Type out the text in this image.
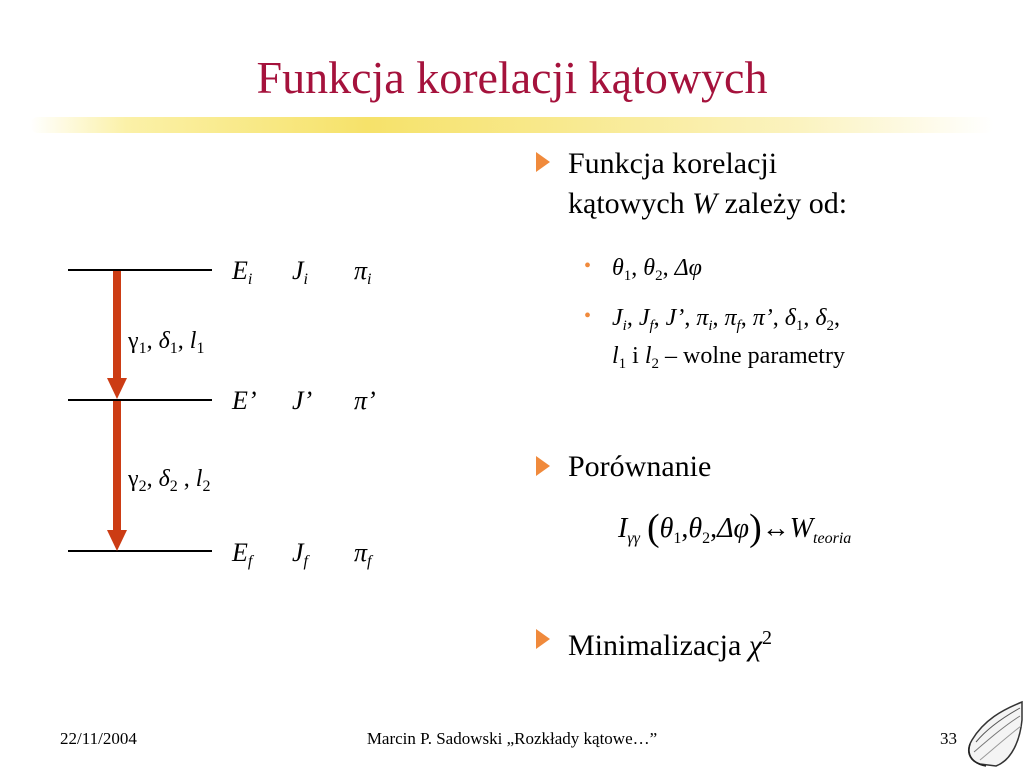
Funkcja korelacji kątowych
$E_i$ $J_i$ $\pi_i$
E’ J’ π’
$E_f$ $J_f$ $\pi_f$
$\gamma_1$, $\delta_1$, $l_1$
$\gamma_2$, $\delta_2$ , $l_2$
Funkcja korelacji
kątowych W zależy od:
• $\theta_1$, $\theta_2$, Δφ
• $J_i$, $J_f$, J’, $\pi_i$, $\pi_f$, π’, $\delta_1$, $\delta_2$,
$l_1$ i $l_2$ – wolne parametry
Porównanie
$I_{\gamma\gamma}$ $(\theta_1,\theta_2,\Delta\varphi)\leftrightarrow W_{teoria}$
Minimalizacja $\chi^2$
22/11/2004	Marcin P. Sadowski „Rozkłady kątowe…”	33
